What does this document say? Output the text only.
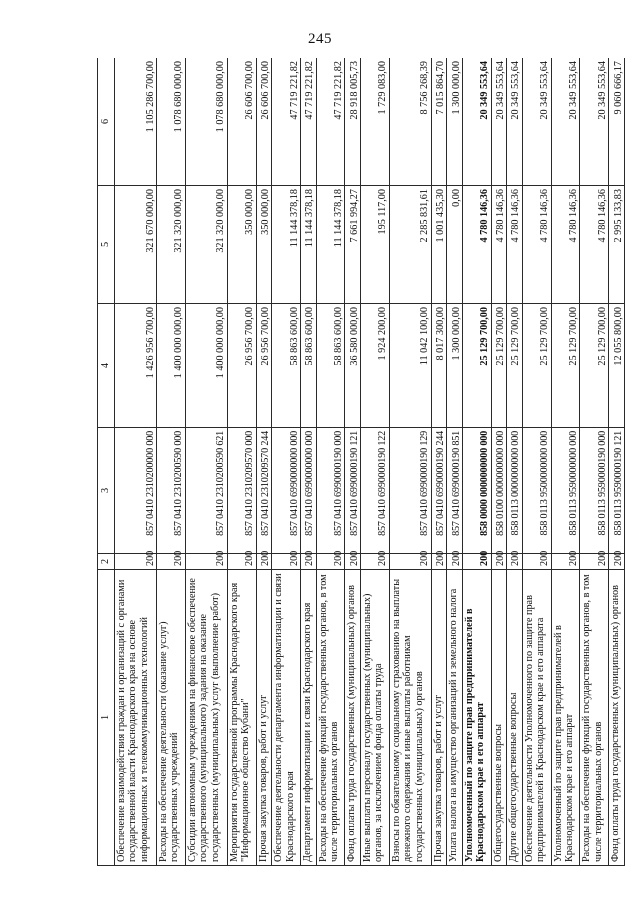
245
1	2	3	4	5	6
Обеспечение взаимодействия граждан и организаций с органами государственной власти Краснодарского края на основе информационных и телекоммуникационных технологий	200	857 0410 2310200000 000	1 426 956 700,00	321 670 000,00	1 105 286 700,00
Расходы на обеспечение деятельности (оказание услуг) государственных учреждений	200	857 0410 2310200590 000	1 400 000 000,00	321 320 000,00	1 078 680 000,00
Субсидии автономным учреждениям на финансовое обеспечение государственного (муниципального) задания на оказание государственных (муниципальных) услуг (выполнение работ)	200	857 0410 2310200590 621	1 400 000 000,00	321 320 000,00	1 078 680 000,00
Мероприятия государственной программы Краснодарского края "Информационное общество Кубани"	200	857 0410 2310209570 000	26 956 700,00	350 000,00	26 606 700,00
Прочая закупка товаров, работ и услуг	200	857 0410 2310209570 244	26 956 700,00	350 000,00	26 606 700,00
Обеспечение деятельности департамента информатизации и связи Краснодарского края	200	857 0410 6990000000 000	58 863 600,00	11 144 378,18	47 719 221,82
Департамент информатизации и связи Краснодарского края	200	857 0410 6990000000 000	58 863 600,00	11 144 378,18	47 719 221,82
Расходы на обеспечение функций государственных органов, в том числе территориальных органов	200	857 0410 6990000190 000	58 863 600,00	11 144 378,18	47 719 221,82
Фонд оплаты труда государственных (муниципальных) органов	200	857 0410 6990000190 121	36 580 000,00	7 661 994,27	28 918 005,73
Иные выплаты персоналу государственных (муниципальных) органов, за исключением фонда оплаты труда	200	857 0410 6990000190 122	1 924 200,00	195 117,00	1 729 083,00
Взносы по обязательному социальному страхованию на выплаты денежного содержания и иные выплаты работникам государственных (муниципальных) органов	200	857 0410 6990000190 129	11 042 100,00	2 285 831,61	8 756 268,39
Прочая закупка товаров, работ и услуг	200	857 0410 6990000190 244	8 017 300,00	1 001 435,30	7 015 864,70
Уплата налога на имущество организаций и земельного налога	200	857 0410 6990000190 851	1 300 000,00	0,00	1 300 000,00
Уполномоченный по защите прав предпринимателей в Краснодарском крае и его аппарат	200	858 0000 0000000000 000	25 129 700,00	4 780 146,36	20 349 553,64
Общегосударственные вопросы	200	858 0100 0000000000 000	25 129 700,00	4 780 146,36	20 349 553,64
Другие общегосударственные вопросы	200	858 0113 0000000000 000	25 129 700,00	4 780 146,36	20 349 553,64
Обеспечение деятельности Уполномоченного по защите прав предпринимателей в Краснодарском крае и его аппарата	200	858 0113 9500000000 000	25 129 700,00	4 780 146,36	20 349 553,64
Уполномоченный по защите прав предпринимателей в Краснодарском крае и его аппарат	200	858 0113 9590000000 000	25 129 700,00	4 780 146,36	20 349 553,64
Расходы на обеспечение функций государственных органов, в том числе территориальных органов	200	858 0113 9590000190 000	25 129 700,00	4 780 146,36	20 349 553,64
Фонд оплаты труда государственных (муниципальных) органов	200	858 0113 9590000190 121	12 055 800,00	2 995 133,83	9 060 666,17
